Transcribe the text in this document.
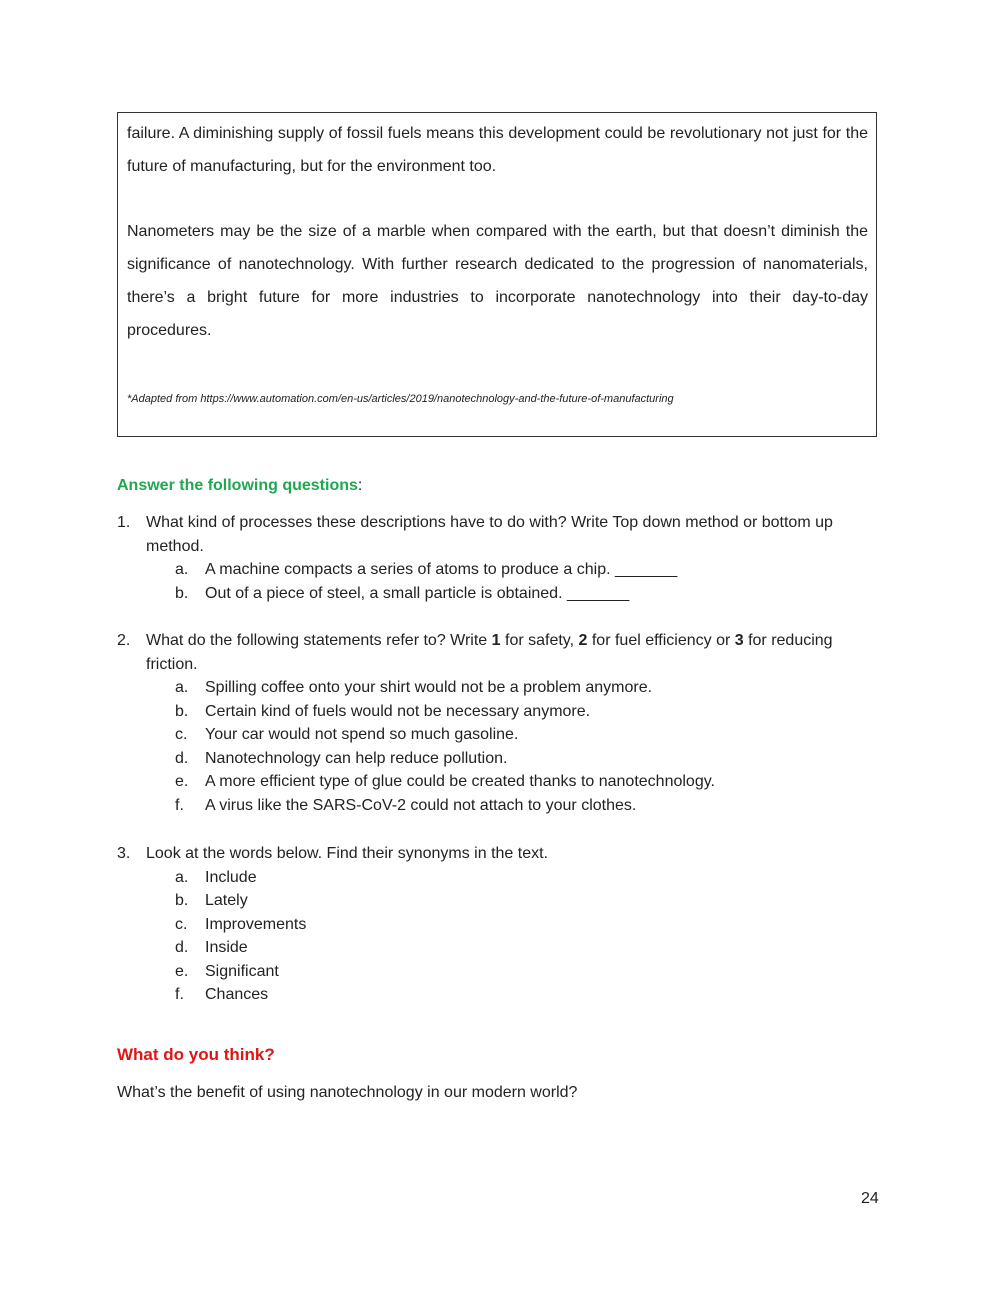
failure. A diminishing supply of fossil fuels means this development could be revolutionary not just for the future of manufacturing, but for the environment too.

Nanometers may be the size of a marble when compared with the earth, but that doesn’t diminish the significance of nanotechnology. With further research dedicated to the progression of nanomaterials, there’s a bright future for more industries to incorporate nanotechnology into their day-to-day procedures.

*Adapted from https://www.automation.com/en-us/articles/2019/nanotechnology-and-the-future-of-manufacturing

Answer the following questions:
1. What kind of processes these descriptions have to do with? Write Top down method or bottom up method.
a. A machine compacts a series of atoms to produce a chip. _______
b. Out of a piece of steel, a small particle is obtained. _______
2. What do the following statements refer to? Write 1 for safety, 2 for fuel efficiency or 3 for reducing friction.
a. Spilling coffee onto your shirt would not be a problem anymore.
b. Certain kind of fuels would not be necessary anymore.
c. Your car would not spend so much gasoline.
d. Nanotechnology can help reduce pollution.
e. A more efficient type of glue could be created thanks to nanotechnology.
f. A virus like the SARS-CoV-2 could not attach to your clothes.
3. Look at the words below. Find their synonyms in the text.
a. Include
b. Lately
c. Improvements
d. Inside
e. Significant
f. Chances
What do you think?
What’s the benefit of using nanotechnology in our modern world?
24
